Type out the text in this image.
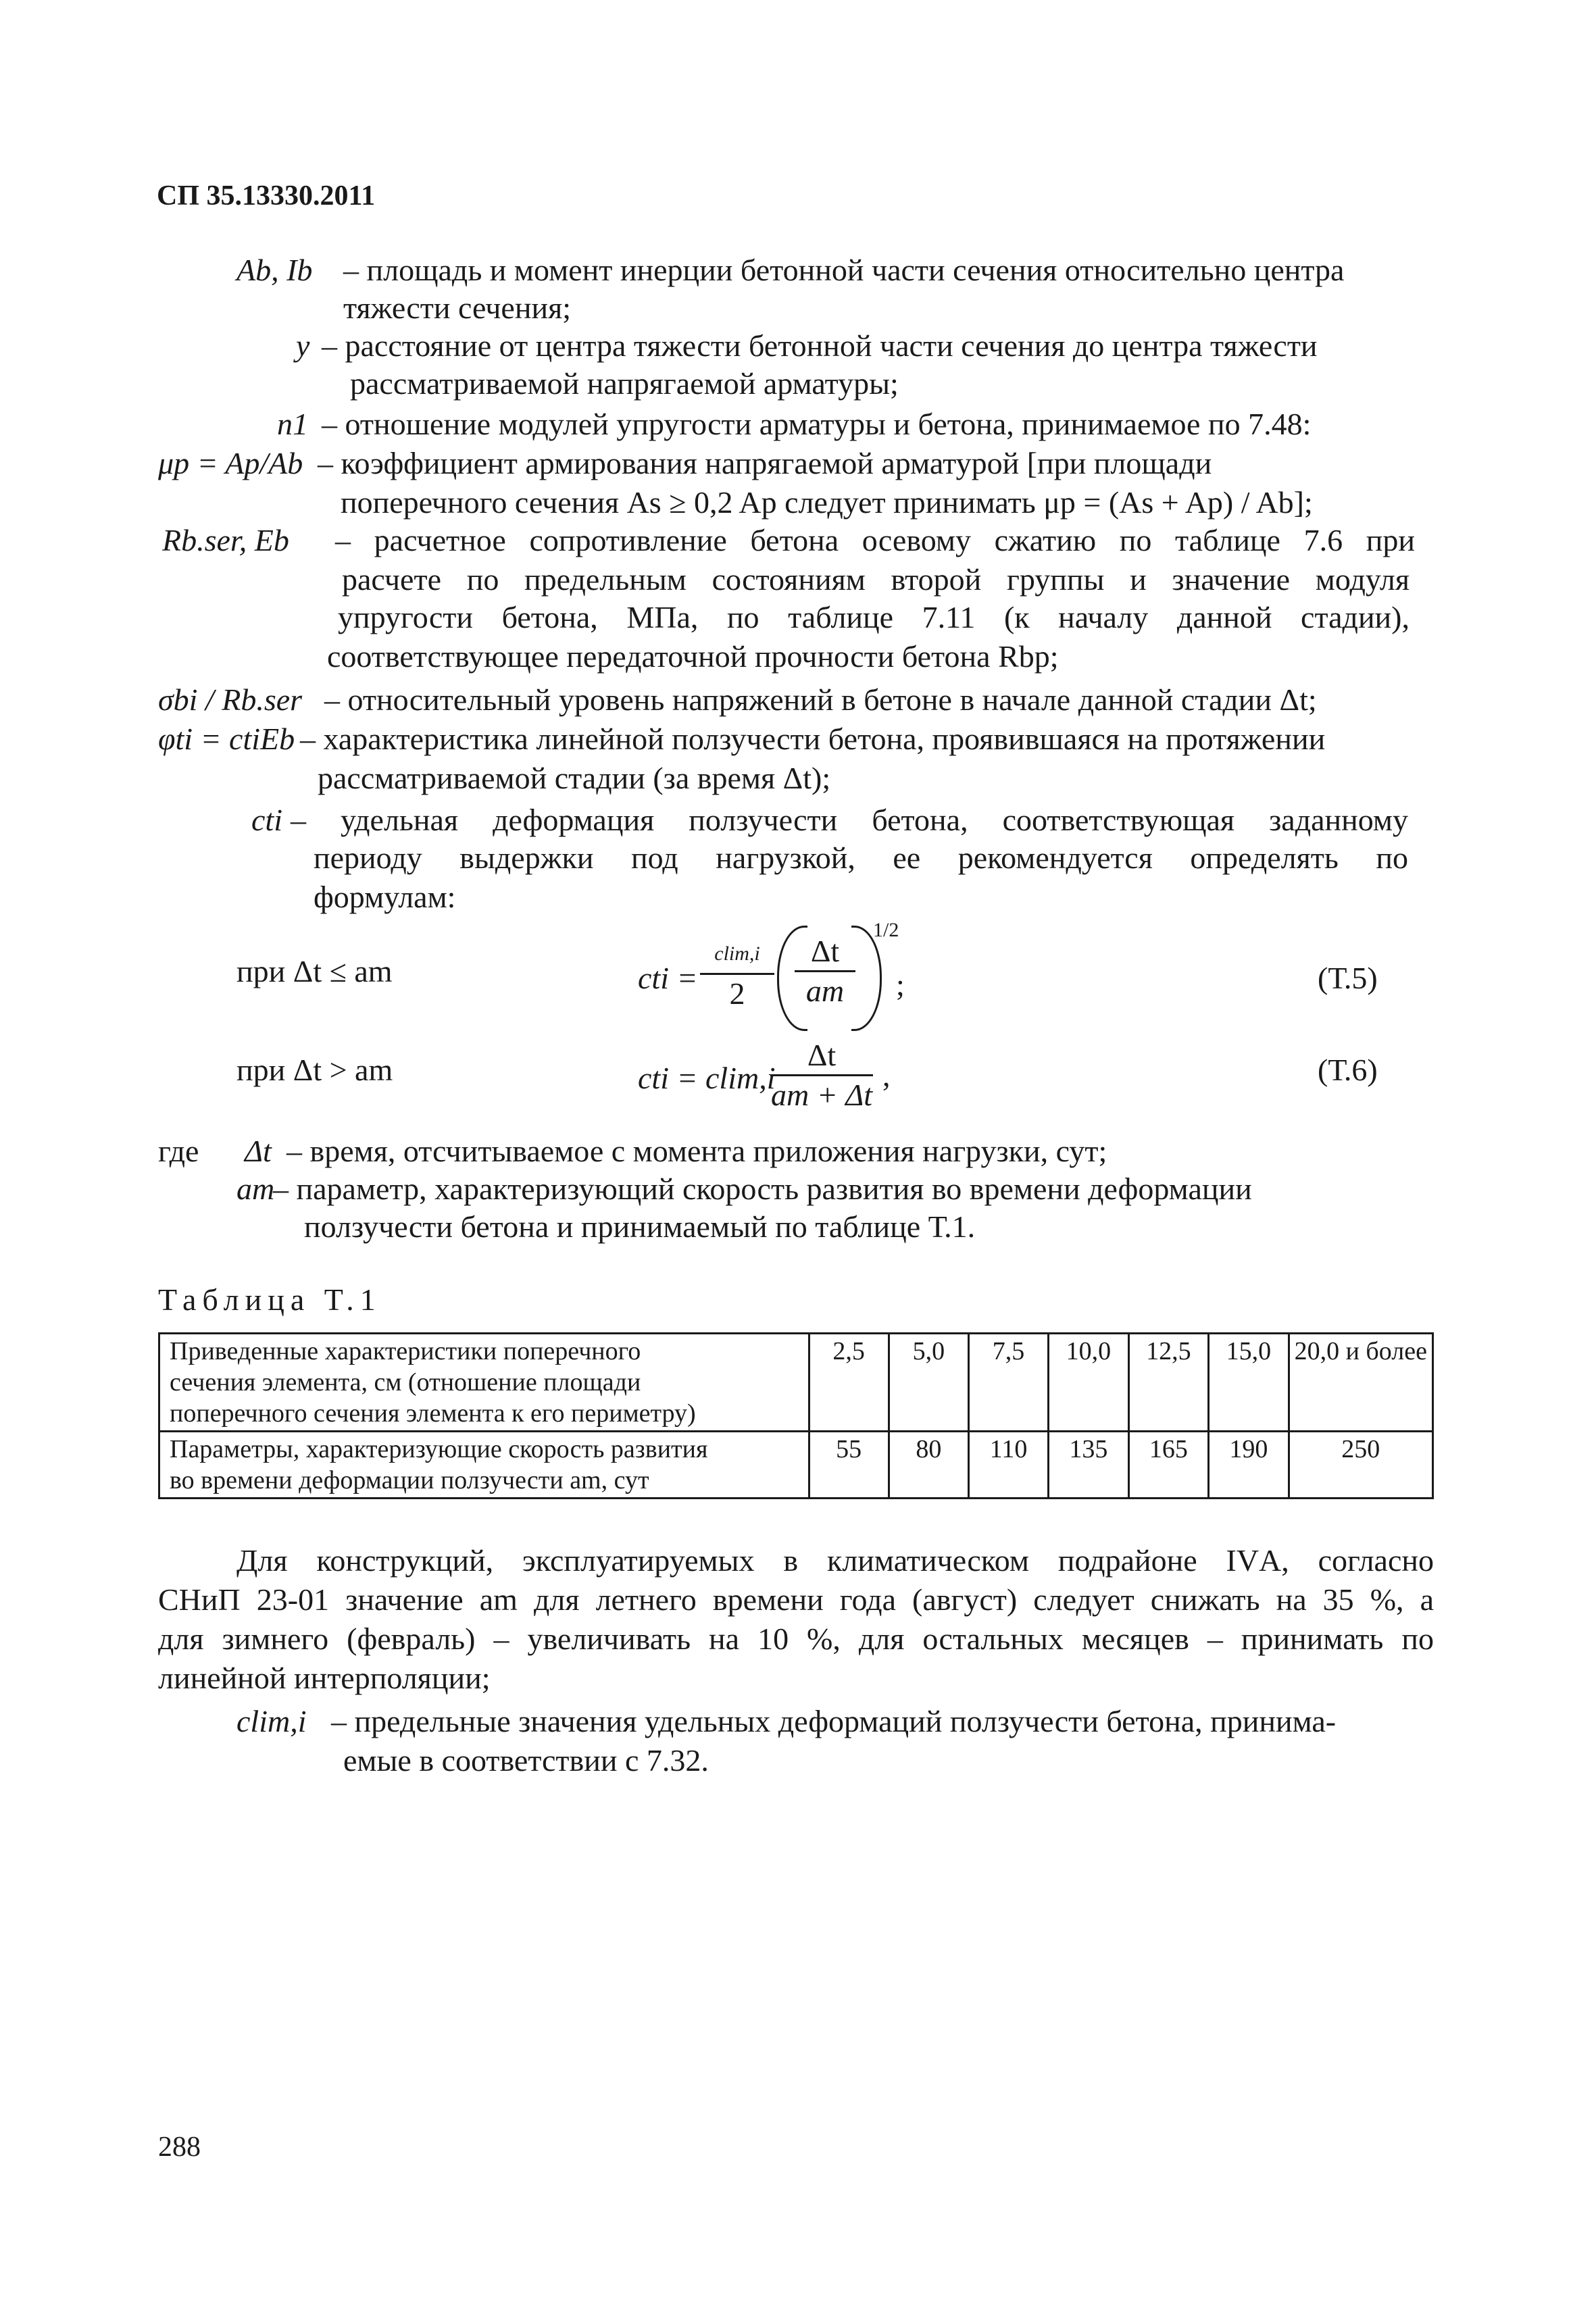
СП 35.13330.2011
Ab, Ib – площадь и момент инерции бетонной части сечения относительно центра
тяжести сечения;
y – расстояние от центра тяжести бетонной части сечения до центра тяжести
рассматриваемой напрягаемой арматуры;
n1 – отношение модулей упругости арматуры и бетона, принимаемое по 7.48:
μp = Ap/Ab – коэффициент армирования напрягаемой арматурой [при площади
поперечного сечения As ≥ 0,2 Ap следует принимать μp = (As + Ap) / Ab];
Rb.ser, Eb – расчетное сопротивление бетона осевому сжатию по таблице 7.6 при
расчете по предельным состояниям второй группы и значение модуля
упругости бетона, МПа, по таблице 7.11 (к началу данной стадии),
соответствующее передаточной прочности бетона Rbp;
σbi / Rb.ser – относительный уровень напряжений в бетоне в начале данной стадии Δt;
φti = ctiEb – характеристика линейной ползучести бетона, проявившаяся на протяжении
рассматриваемой стадии (за время Δt);
cti – удельная деформация ползучести бетона, соответствующая заданному
периоду выдержки под нагрузкой, ее рекомендуется определять по
формулам:
при Δt ≤ am	cti =
clim,i
2
Δt
am
1/2
;	(Т.5)
при Δt > am	cti = clim,i
Δt
am + Δt
,	(Т.6)
где Δt – время, отсчитываемое с момента приложения нагрузки, сут;
am
– параметр, характеризующий скорость развития во времени деформации
ползучести бетона и принимаемый по таблице Т.1.
Таблица Т.1
Приведенные характеристики поперечного
сечения элемента, см (отношение площади
поперечного сечения элемента к его периметру)	2,5	5,0	7,5	10,0	12,5	15,0	20,0 и более

Параметры, характеризующие скорость развития
во времени деформации ползучести am, сут	55	80	110	135	165	190	250
Для конструкций, эксплуатируемых в климатическом подрайоне IVА, согласно
СНиП 23-01 значение am для летнего времени года (август) следует снижать на 35 %, а
для зимнего (февраль) – увеличивать на 10 %, для остальных месяцев – принимать по
линейной интерполяции;
clim,i – предельные значения удельных деформаций ползучести бетона, принима-
емые в соответствии с 7.32.
288
